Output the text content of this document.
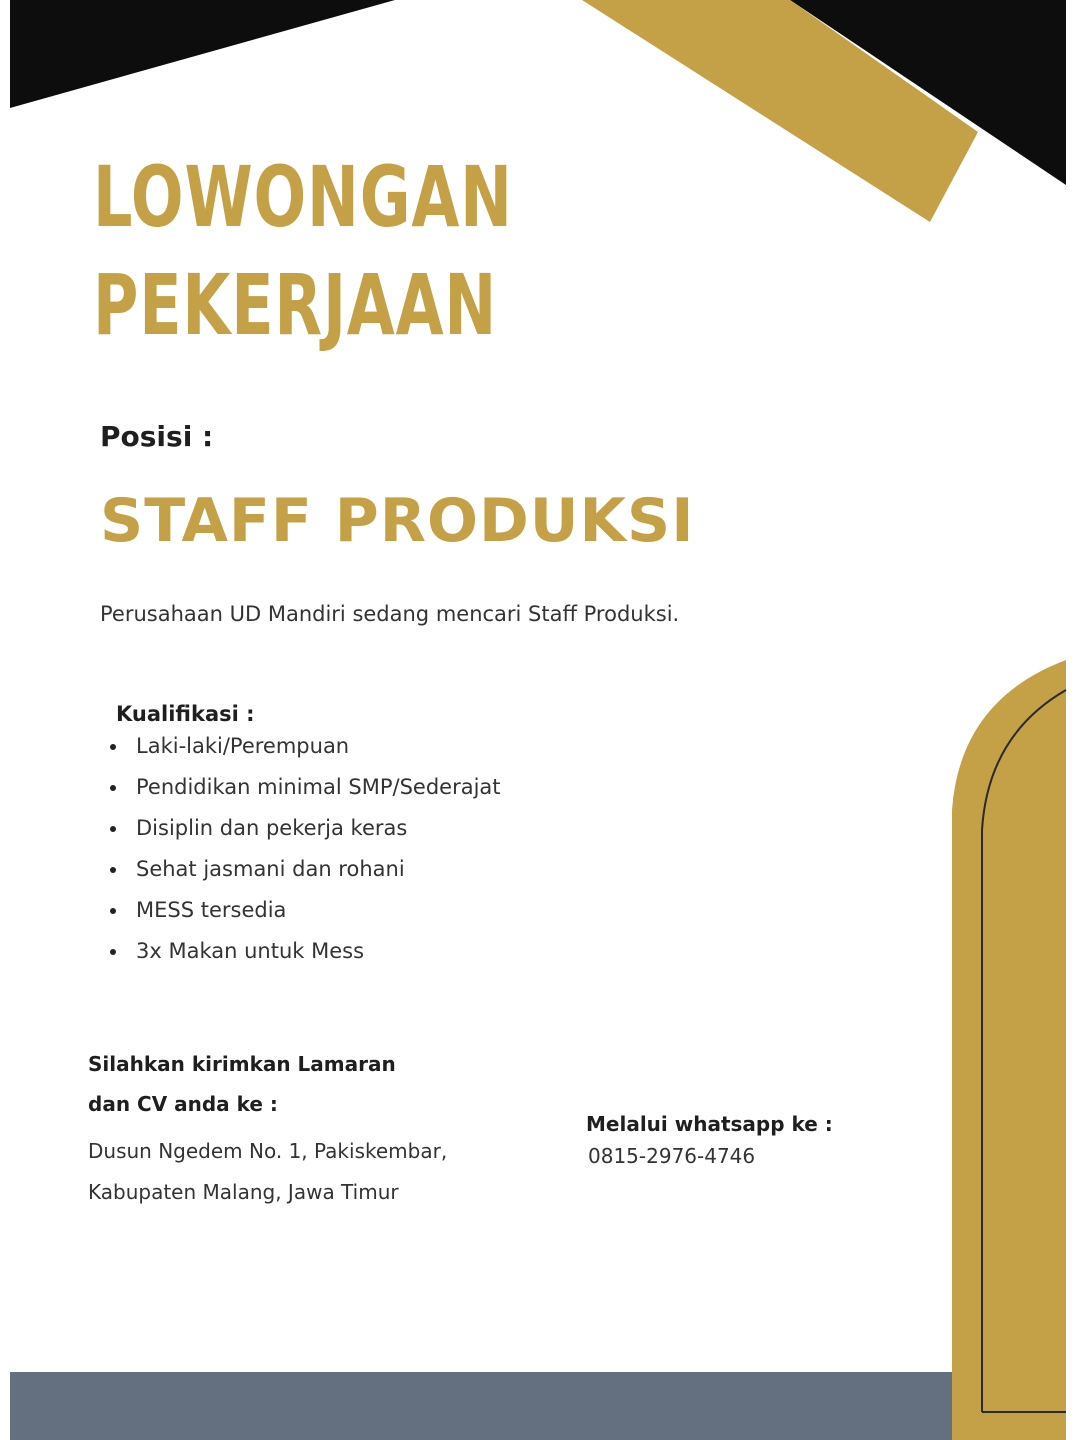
LOWONGAN
PEKERJAAN
Posisi :
STAFF PRODUKSI
Perusahaan UD Mandiri sedang mencari Staff Produksi.
Kualifikasi :
Laki-laki/Perempuan
Pendidikan minimal SMP/Sederajat
Disiplin dan pekerja keras
Sehat jasmani dan rohani
MESS tersedia
3x Makan untuk Mess
Silahkan kirimkan Lamaran
dan CV anda ke :
Dusun Ngedem No. 1, Pakiskembar,
Kabupaten Malang, Jawa Timur
Melalui whatsapp ke :
0815-2976-4746
